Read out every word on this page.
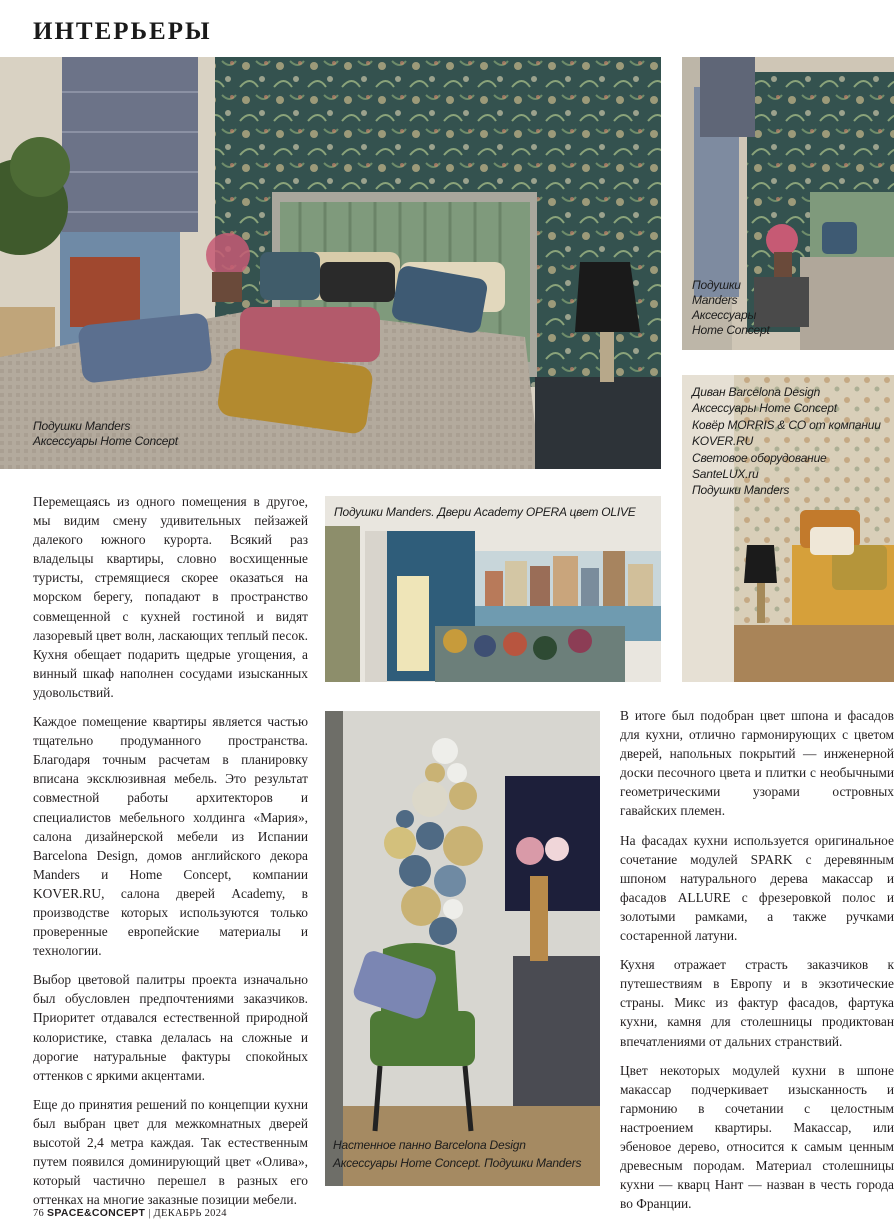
ИНТЕРЬЕРЫ
Подушки Manders
Аксессуары Home Concept
Подушки
Manders
Аксессуары
Home Concept
Диван Barcelona Design
Аксессуары Home Concept
Ковёр MORRIS & CO от компании
KOVER.RU
Световое оборудование
SanteLUX.ru
Подушки Manders
Подушки Manders. Двери Academy OPERA цвет OLIVE
Настенное панно Barcelona Design
Аксессуары Home Concept. Подушки Manders

Перемещаясь из одного помещения в другое, мы видим смену удивительных пейзажей далекого южного курорта. Всякий раз владельцы квартиры, словно восхищенные туристы, стремящиеся скорее оказаться на морском берегу, попадают в пространство совмещенной с кухней гостиной и видят лазоревый цвет волн, ласкающих теплый песок. Кухня обещает подарить щедрые угощения, а винный шкаф наполнен сосудами изысканных удовольствий.

Каждое помещение квартиры является частью тщательно продуманного пространства. Благодаря точным расчетам в планировку вписана эксклюзивная мебель. Это результат совместной работы архитекторов и специалистов мебельного холдинга «Мария», салона дизайнерской мебели из Испании Barcelona Design, домов английского декора Manders и Home Concept, компании KOVER.RU, салона дверей Academy, в производстве которых используются только проверенные европейские материалы и технологии.

Выбор цветовой палитры проекта изначально был обусловлен предпочтениями заказчиков. Приоритет отдавался естественной природной колористике, ставка делалась на сложные и дорогие натуральные фактуры спокойных оттенков с яркими акцентами.

Еще до принятия решений по концепции кухни был выбран цвет для межкомнатных дверей высотой 2,4 метра каждая. Так естественным путем появился доминирующий цвет «Олива», который частично перешел в разных его оттенках на многие заказные позиции мебели.

В итоге был подобран цвет шпона и фасадов для кухни, отлично гармонирующих с цветом дверей, напольных покрытий — инженерной доски песочного цвета и плитки с необычными геометрическими узорами островных гавайских племен.

На фасадах кухни используется оригинальное сочетание модулей SPARK с деревянным шпоном натурального дерева макассар и фасадов ALLURE с фрезеровкой полос и золотыми рамками, а также ручками состаренной латуни.

Кухня отражает страсть заказчиков к путешествиям в Европу и в экзотические страны. Микс из фактур фасадов, фартука кухни, камня для столешницы продиктован впечатлениями от дальних странствий.

Цвет некоторых модулей кухни в шпоне макассар подчеркивает изысканность и гармонию в сочетании с целостным настроением квартиры. Макассар, или эбеновое дерево, относится к самым ценным древесным породам. Материал столешницы кухни — кварц Нант — назван в честь города во Франции.

76 SPACE&CONCEPT | ДЕКАБРЬ 2024
